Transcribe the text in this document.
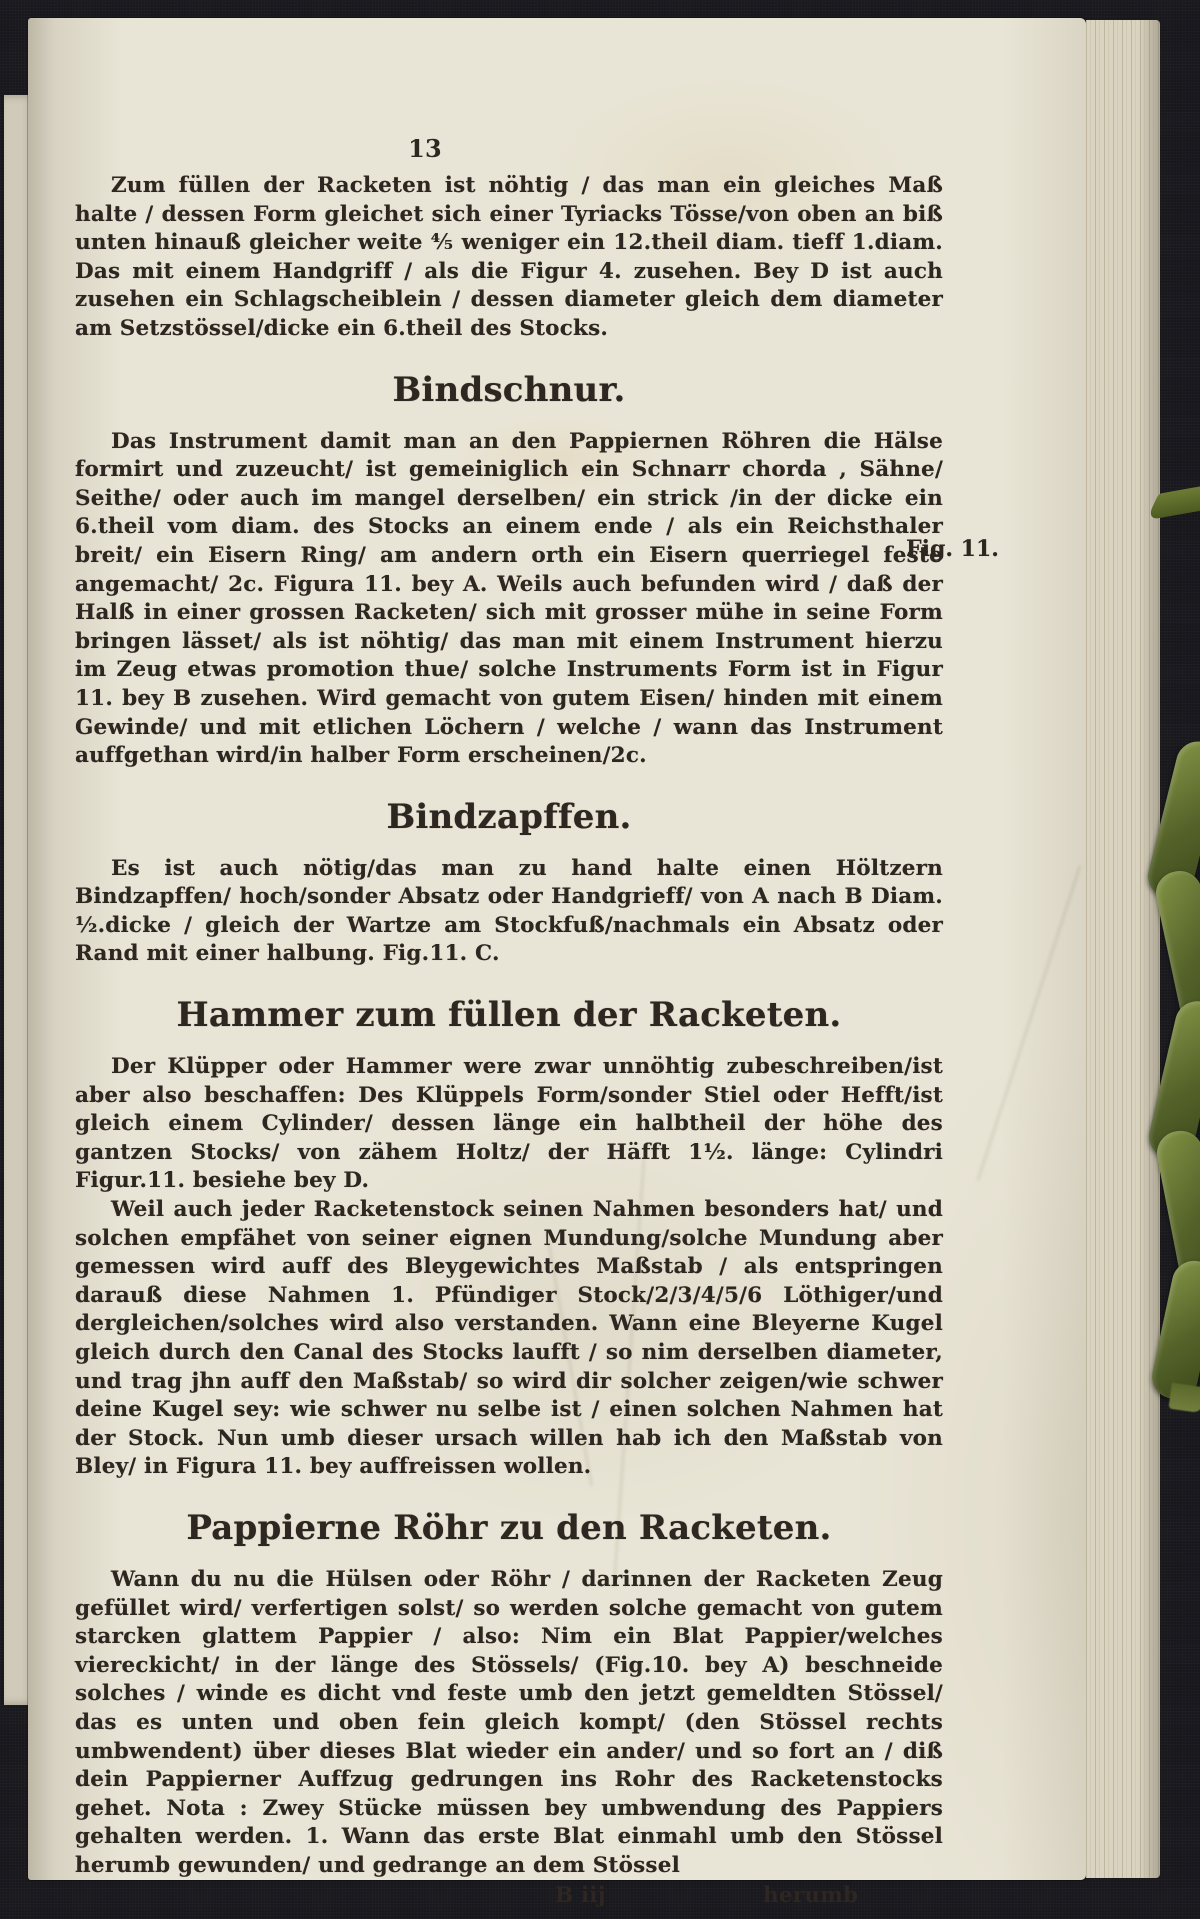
Fig. 11.
13

Zum füllen der Racketen ist nöhtig / das man ein gleiches Maß halte / dessen Form gleichet sich einer Tyriacks Tösse/von oben an biß unten hinauß gleicher weite ⅘ weniger ein 12.theil diam. tieff 1.diam. Das mit einem Handgriff / als die Figur 4. zusehen. Bey D ist auch zusehen ein Schlagscheiblein / dessen diameter gleich dem diameter am Setzstössel/dicke ein 6.theil des Stocks.

Bindschnur.

Das Instrument damit man an den Pappiernen Röhren die Hälse formirt und zuzeucht/ ist gemeiniglich ein Schnarr chorda , Sähne/ Seithe/ oder auch im mangel derselben/ ein strick /in der dicke ein 6.theil vom diam. des Stocks an einem ende / als ein Reichsthaler breit/ ein Eisern Ring/ am andern orth ein Eisern querriegel feste angemacht/ 2c. Figura 11. bey A. Weils auch befunden wird / daß der Halß in einer grossen Racketen/ sich mit grosser mühe in seine Form bringen lässet/ als ist nöhtig/ das man mit einem Instrument hierzu im Zeug etwas promotion thue/ solche Instruments Form ist in Figur 11. bey B zusehen. Wird gemacht von gutem Eisen/ hinden mit einem Gewinde/ und mit etlichen Löchern / welche / wann das Instrument auffgethan wird/in halber Form erscheinen/2c.

Bindzapffen.

Es ist auch nötig/das man zu hand halte einen Höltzern Bindzapffen/ hoch/sonder Absatz oder Handgrieff/ von A nach B Diam. ½.dicke / gleich der Wartze am Stockfuß/nachmals ein Absatz oder Rand mit einer halbung. Fig.11. C.

Hammer zum füllen der Racketen.

Der Klüpper oder Hammer were zwar unnöhtig zubeschreiben/ist aber also beschaffen: Des Klüppels Form/sonder Stiel oder Hefft/ist gleich einem Cylinder/ dessen länge ein halbtheil der höhe des gantzen Stocks/ von zähem Holtz/ der Häfft 1½. länge: Cylindri Figur.11. besiehe bey D.

Weil auch jeder Racketenstock seinen Nahmen besonders hat/ und solchen empfähet von seiner eignen Mundung/solche Mundung aber gemessen wird auff des Bleygewichtes Maßstab / als entspringen darauß diese Nahmen 1. Pfündiger Stock/2/3/4/5/6 Löthiger/und dergleichen/solches wird also verstanden. Wann eine Bleyerne Kugel gleich durch den Canal des Stocks laufft / so nim derselben diameter, und trag jhn auff den Maßstab/ so wird dir solcher zeigen/wie schwer deine Kugel sey: wie schwer nu selbe ist / einen solchen Nahmen hat der Stock. Nun umb dieser ursach willen hab ich den Maßstab von Bley/ in Figura 11. bey auffreissen wollen.

Pappierne Röhr zu den Racketen.

Wann du nu die Hülsen oder Röhr / darinnen der Racketen Zeug gefüllet wird/ verfertigen solst/ so werden solche gemacht von gutem starcken glattem Pappier / also: Nim ein Blat Pappier/welches viereckicht/ in der länge des Stössels/ (Fig.10. bey A) beschneide solches / winde es dicht vnd feste umb den jetzt gemeldten Stössel/ das es unten und oben fein gleich kompt/ (den Stössel rechts umbwendent) über dieses Blat wieder ein ander/ und so fort an / diß dein Pappierner Auffzug gedrungen ins Rohr des Racketenstocks gehet. Nota : Zwey Stücke müssen bey umbwendung des Pappiers gehalten werden. 1. Wann das erste Blat einmahl umb den Stössel herumb gewunden/ und gedrange an dem Stössel

B iij	herumb
